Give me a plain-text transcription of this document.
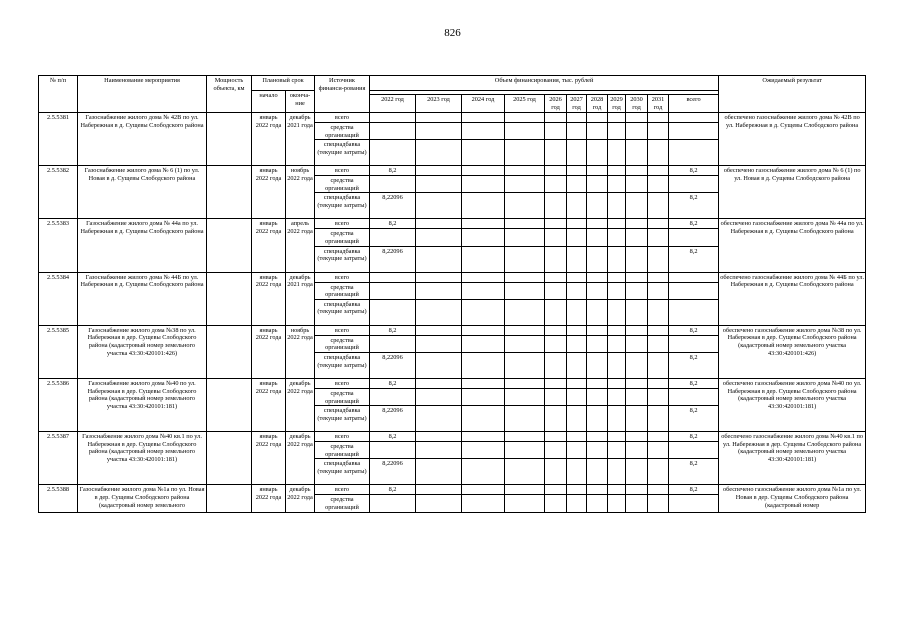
826
№ п/п	Наименование мероприятия	Мощность объекта, км	Плановый срок		Источник финанси-рования	Объем финансирования, тыс. рублей											Ожидаемый результат
			начало	оконча-ние													
						2022 год	2023 год	2024 год	2025 год	2026 год	2027 год	2028 год	2029 год	2030 год	2031 год	всего	
2.5.5381	Газоснабжение жилого дома № 42В по ул. Набережная в д. Сущевы Слободского района		январь 2022 года	декабрь 2021 года	всего												обеспечено газоснабжение жилого дома № 42В по ул. Набережная в д. Сущевы Слободского района
					средства организаций												
					спецнадбавка (текущие затраты)												
2.5.5382	Газоснабжение жилого дома № 6 (1) по ул. Новая в д. Сущевы Слободского района		январь 2022 года	ноябрь 2022 года	всего	8,2										8,2	обеспечено газоснабжение жилого дома № 6 (1) по ул. Новая в д. Сущевы Слободского района
					средства организаций												
					спецнадбавка (текущие затраты)	8,22096										8,2	
2.5.5383	Газоснабжение жилого дома № 44а по ул. Набережная в д. Сущевы Слободского района		январь 2022 года	апрель 2022 года	всего	8,2										8,2	обеспечено газоснабжение жилого дома № 44а по ул. Набережная в д. Сущевы Слободского района
					средства организаций												
					спецнадбавка (текущие затраты)	8,22096										8,2	
2.5.5384	Газоснабжение жилого дома № 44Б по ул. Набережная в д. Сущевы Слободского района		январь 2022 года	декабрь 2021 года	всего												обеспечено газоснабжение жилого дома № 44Б по ул. Набережная в д. Сущевы Слободского района
					средства организаций												
					спецнадбавка (текущие затраты)												
2.5.5385	Газоснабжение жилого дома №38 по ул. Набережная в дер. Сущевы Слободского района (кадастровый номер земельного участка 43:30:420101:426)		январь 2022 года	ноябрь 2022 года	всего	8,2										8,2	обеспечено газоснабжение жилого дома №38 по ул. Набережная в дер. Сущевы Слободского района (кадастровый номер земельного участка 43:30:420101:426)
					средства организаций												
					спецнадбавка (текущие затраты)	8,22096										8,2	
2.5.5386	Газоснабжение жилого дома №40 по ул. Набережная в дер. Сущевы Слободского района (кадастровый номер земельного участка 43:30:420101:181)		январь 2022 года	декабрь 2022 года	всего	8,2										8,2	обеспечено газоснабжение жилого дома №40 по ул. Набережная в дер. Сущевы Слободского района (кадастровый номер земельного участка 43:30:420101:181)
					средства организаций												
					спецнадбавка (текущие затраты)	8,22096										8,2	
2.5.5387	Газоснабжение жилого дома №40 кв.1 по ул. Набережная в дер. Сущевы Слободского района (кадастровый номер земельного участка 43:30:420101:181)		январь 2022 года	декабрь 2022 года	всего	8,2										8,2	обеспечено газоснабжение жилого дома №40 кв.1 по ул. Набережная в дер. Сущевы Слободского района (кадастровый номер земельного участка 43:30:420101:181)
					средства организаций												
					спецнадбавка (текущие затраты)	8,22096										8,2	
2.5.5388	Газоснабжение жилого дома №1а по ул. Новая в дер. Сущевы Слободского района (кадастровый номер земельного		январь 2022 года	декабрь 2022 года	всего	8,2										8,2	обеспечено газоснабжение жилого дома №1а по ул. Новая в дер. Сущевы Слободского района (кадастровый номер

					средства организаций												
